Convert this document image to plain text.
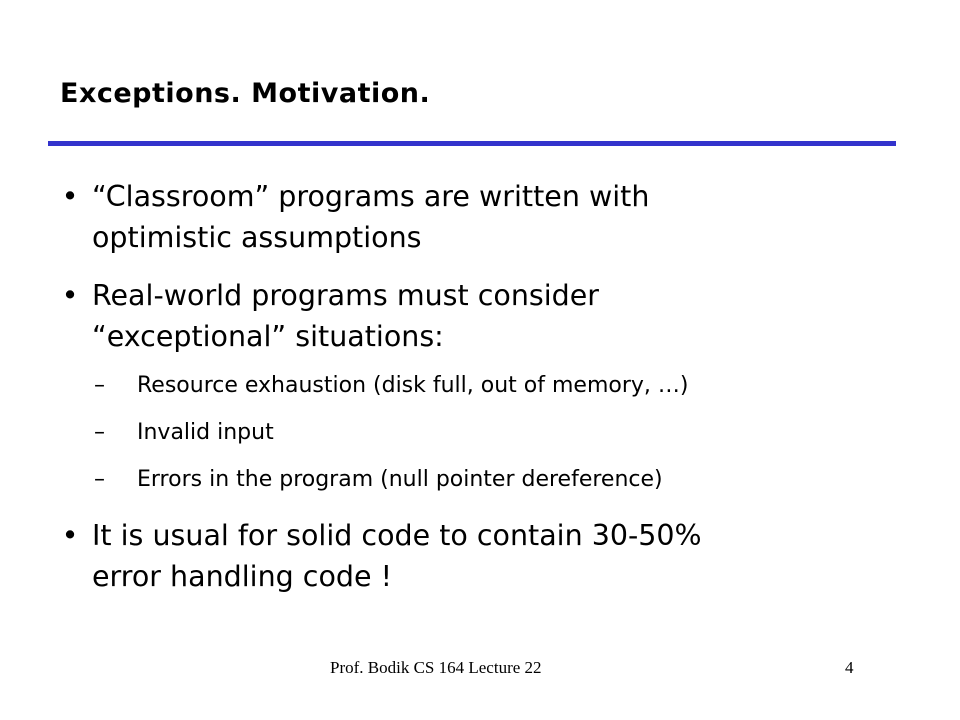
Exceptions. Motivation.
• “Classroom” programs are written with
optimistic assumptions
• Real-world programs must consider
“exceptional” situations:
– Resource exhaustion (disk full, out of memory, …)
– Invalid input
– Errors in the program (null pointer dereference)
• It is usual for solid code to contain 30-50%
error handling code !
Prof. Bodik CS 164 Lecture 22	4
